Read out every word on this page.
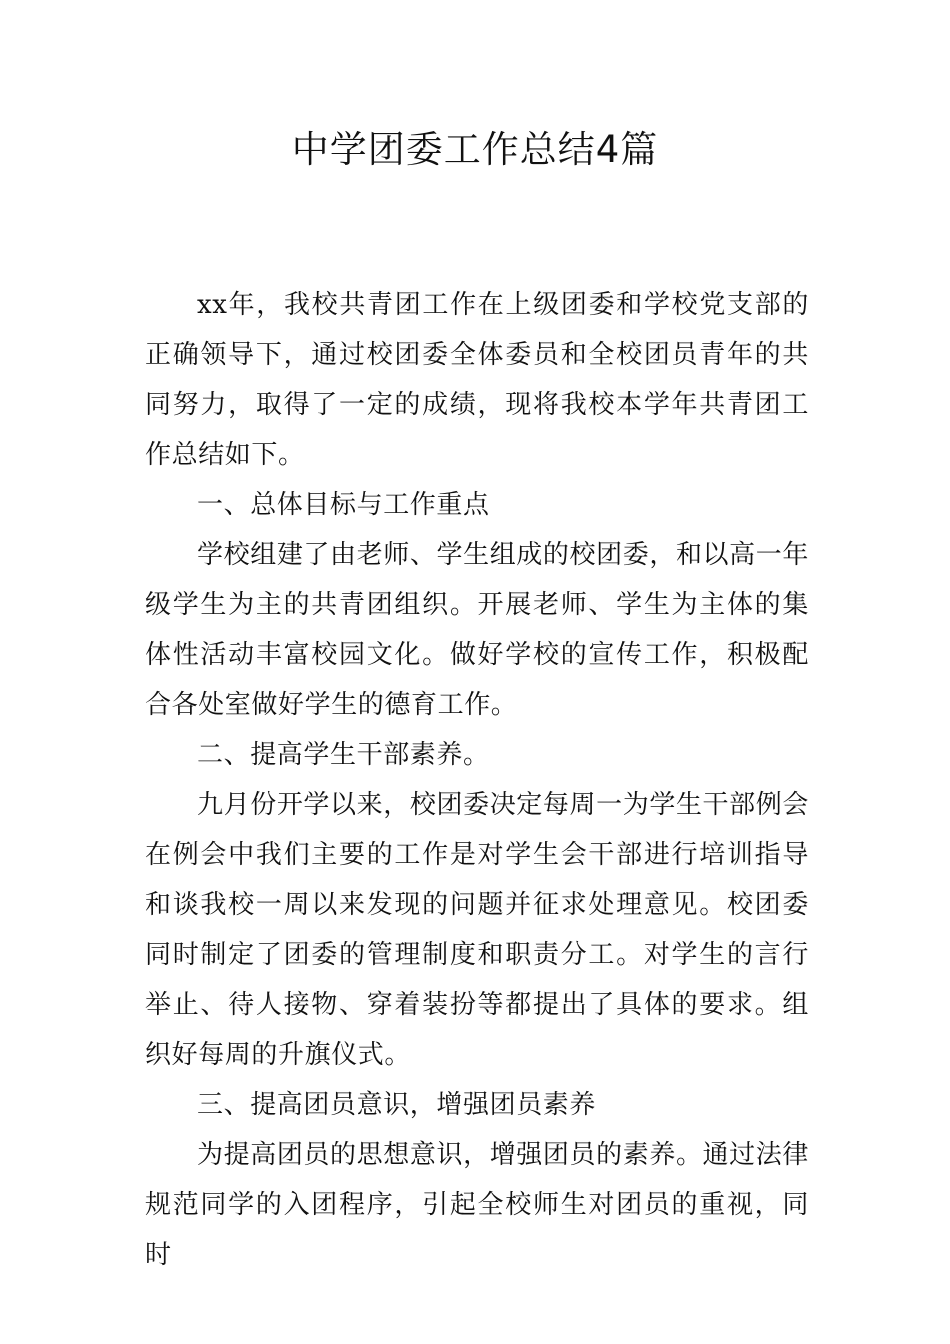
中学团委工作总结4篇

xx年，我校共青团工作在上级团委和学校党支部的正确领导下，通过校团委全体委员和全校团员青年的共同努力，取得了一定的成绩，现将我校本学年共青团工作总结如下。

一、总体目标与工作重点

学校组建了由老师、学生组成的校团委，和以高一年级学生为主的共青团组织。开展老师、学生为主体的集体性活动丰富校园文化。做好学校的宣传工作，积极配合各处室做好学生的德育工作。

二、提高学生干部素养。

九月份开学以来，校团委决定每周一为学生干部例会在例会中我们主要的工作是对学生会干部进行培训指导和谈我校一周以来发现的问题并征求处理意见。校团委同时制定了团委的管理制度和职责分工。对学生的言行举止、待人接物、穿着装扮等都提出了具体的要求。组织好每周的升旗仪式。

三、提高团员意识，增强团员素养

为提高团员的思想意识，增强团员的素养。通过法律规范同学的入团程序，引起全校师生对团员的重视，同时
